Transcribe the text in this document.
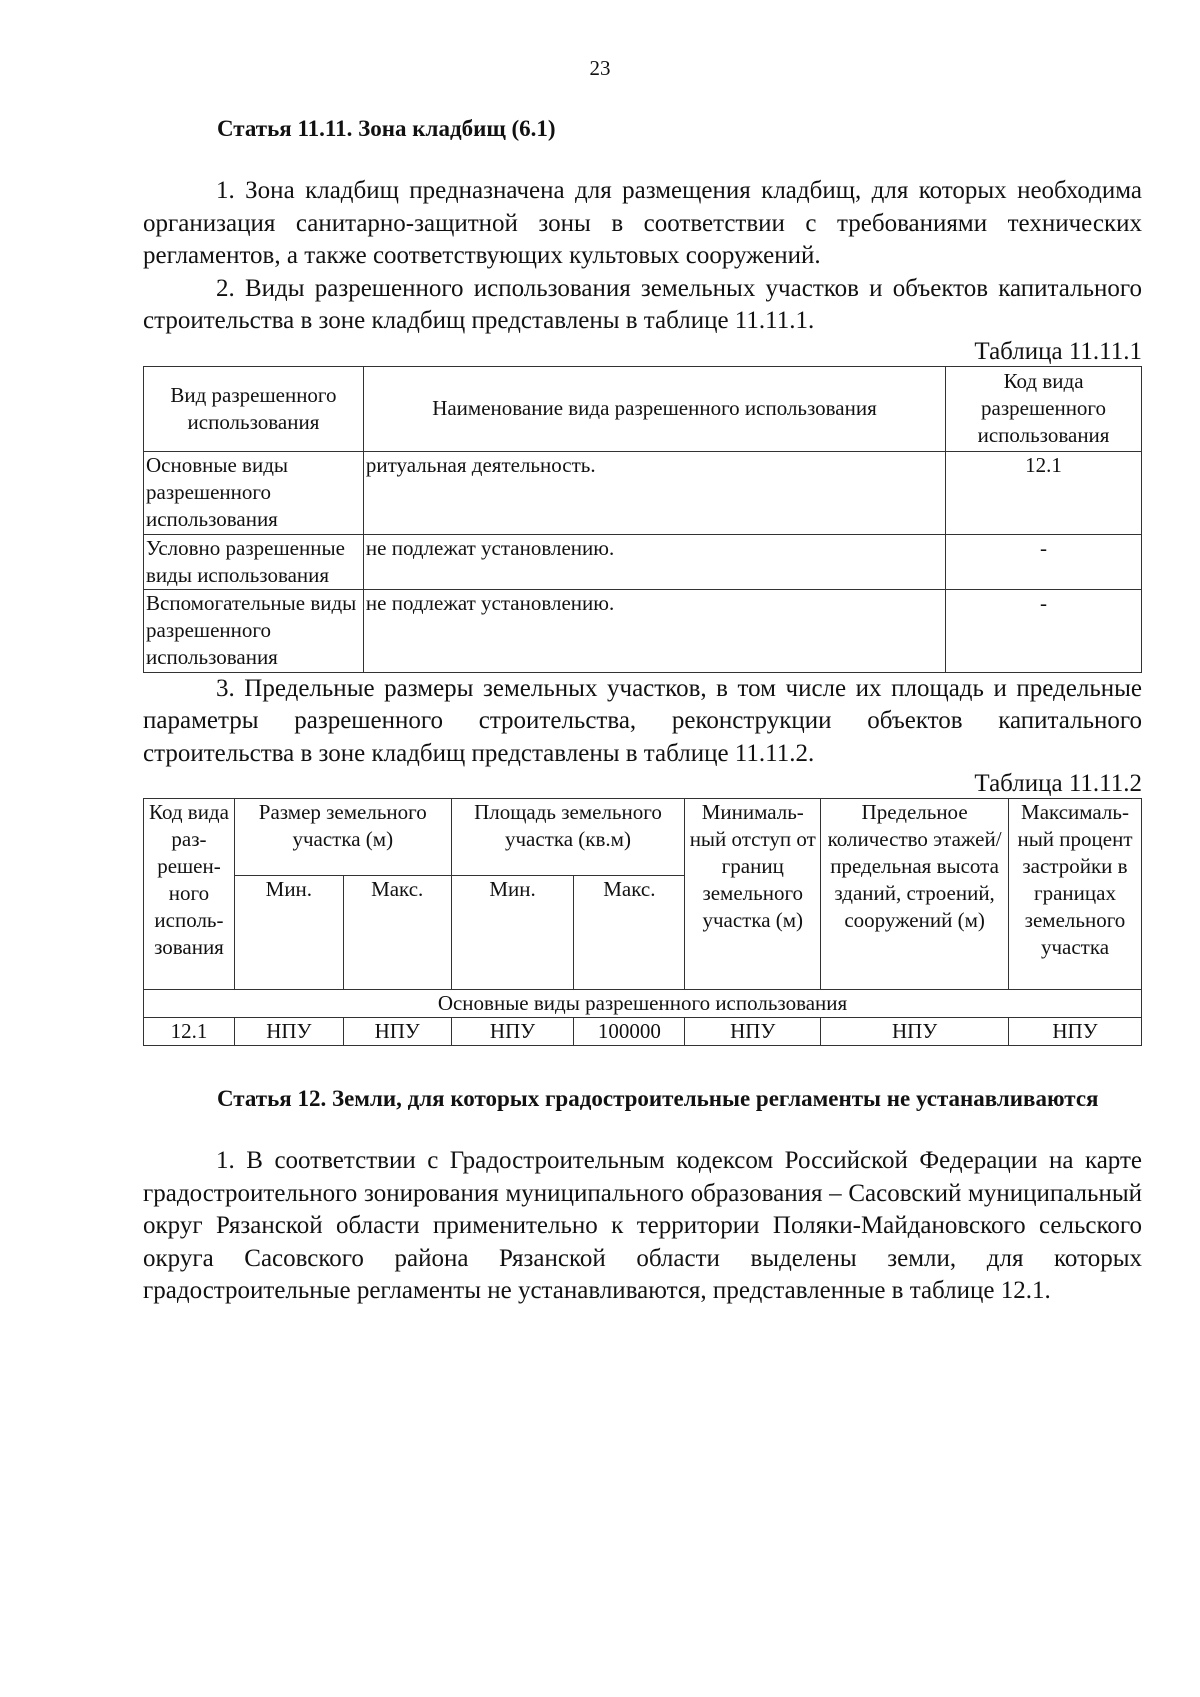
23

Статья 11.11. Зона кладбищ (6.1)

1. Зона кладбищ предназначена для размещения кладбищ, для которых необходима организация санитарно-защитной зоны в соответствии с требованиями технических регламентов, а также соответствующих культовых сооружений.

2. Виды разрешенного использования земельных участков и объектов капитального строительства в зоне кладбищ представлены в таблице 11.11.1.

Таблица 11.11.1

Вид разрешенного использования	Наименование вида разрешенного использования	Код вида разрешенного использования
Основные виды разрешенного использования	ритуальная деятельность.	12.1
Условно разрешенные виды использования	не подлежат установлению.	-
Вспомогательные виды разрешенного использования	не подлежат установлению.	-

3. Предельные размеры земельных участков, в том числе их площадь и предельные параметры разрешенного строительства, реконструкции объектов капитального строительства в зоне кладбищ представлены в таблице 11.11.2.

Таблица 11.11.2

Код вида раз-решен-ного исполь-зования	Размер земельного участка (м)		Площадь земельного участка (кв.м)		Минималь-ный отступ от границ земельного участка (м)	Предельное количество этажей/ предельная высота зданий, строений, сооружений (м)	Максималь-ный процент застройки в границах земельного участка
	Мин.	Макс.	Мин.	Макс.			
Основные виды разрешенного использования							
12.1	НПУ	НПУ	НПУ	100000	НПУ	НПУ	НПУ

Статья 12. Земли, для которых градостроительные регламенты не устанавливаются

1. В соответствии с Градостроительным кодексом Российской Федерации на карте градостроительного зонирования муниципального образования – Сасовский муниципальный округ Рязанской области применительно к территории Поляки-Майдановского сельского округа Сасовского района Рязанской области выделены земли, для которых градостроительные регламенты не устанавливаются, представленные в таблице 12.1.
